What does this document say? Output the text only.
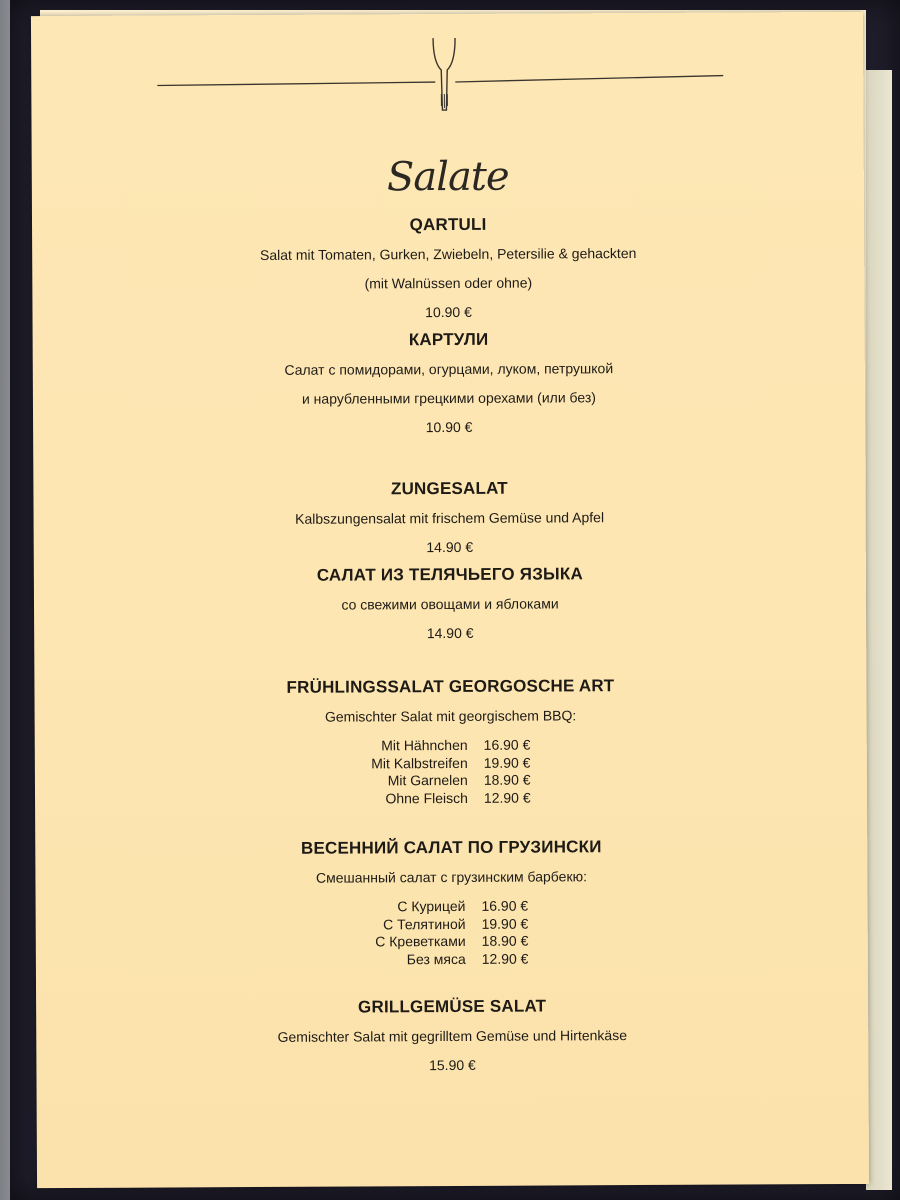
Salate

QARTULI

Salat mit Tomaten, Gurken, Zwiebeln, Petersilie & gehackten

(mit Walnüssen oder ohne)

10.90 €

КАРТУЛИ

Салат с помидорами, огурцами, луком, петрушкой

и нарубленными грецкими орехами (или без)

10.90 €

ZUNGESALAT

Kalbszungensalat mit frischem Gemüse und Apfel

14.90 €

САЛАТ ИЗ ТЕЛЯЧЬЕГО ЯЗЫКА

со свежими овощами и яблоками

14.90 €

FRÜHLINGSSALAT GEORGOSCHE ART

Gemischter Salat mit georgischem BBQ:

Mit Hähnchen 16.90 €
Mit Kalbstreifen 19.90 €
Mit Garnelen 18.90 €
Ohne Fleisch 12.90 €

ВЕСЕННИЙ САЛАТ ПО ГРУЗИНСКИ

Смешанный салат с грузинским барбекю:

С Курицей 16.90 €
С Телятиной 19.90 €
С Креветками 18.90 €
Без мяса 12.90 €

GRILLGEMÜSE SALAT

Gemischter Salat mit gegrilltem Gemüse und Hirtenkäse

15.90 €
